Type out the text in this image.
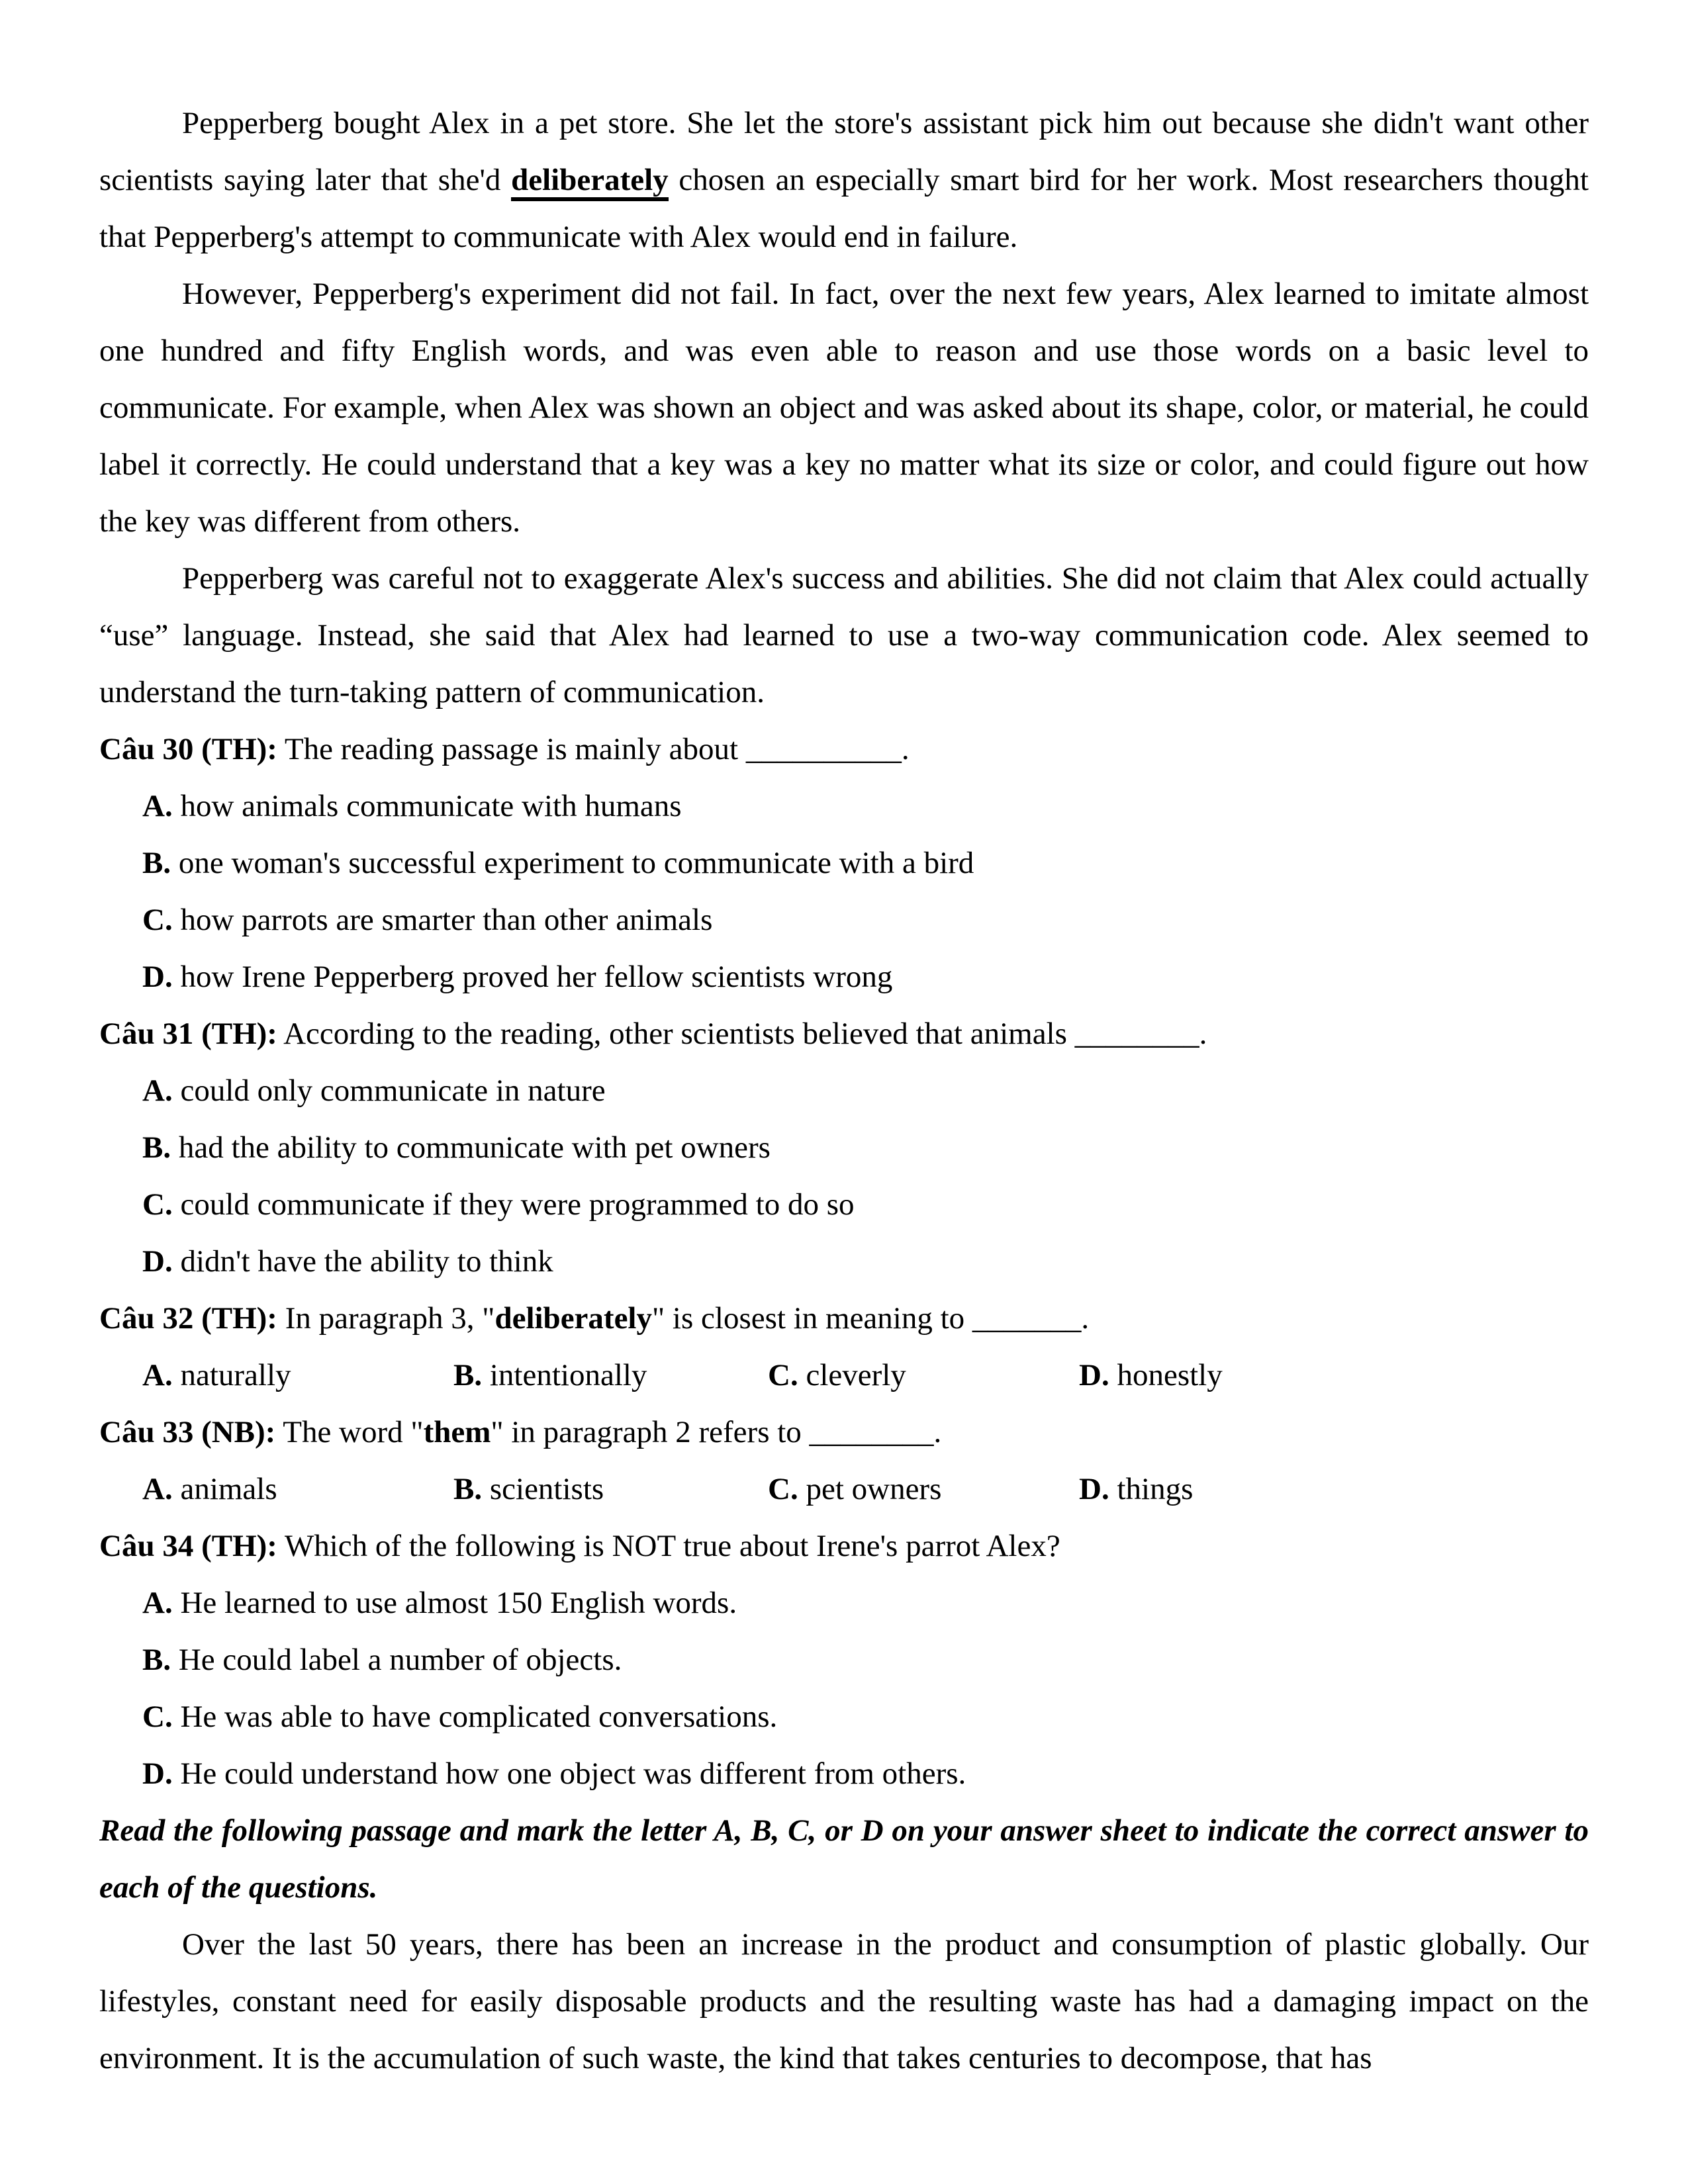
Pepperberg bought Alex in a pet store. She let the store's assistant pick him out because she didn't want other scientists saying later that she'd deliberately chosen an especially smart bird for her work. Most researchers thought that Pepperberg's attempt to communicate with Alex would end in failure.

However, Pepperberg's experiment did not fail. In fact, over the next few years, Alex learned to imitate almost one hundred and fifty English words, and was even able to reason and use those words on a basic level to communicate. For example, when Alex was shown an object and was asked about its shape, color, or material, he could label it correctly. He could understand that a key was a key no matter what its size or color, and could figure out how the key was different from others.

Pepperberg was careful not to exaggerate Alex's success and abilities. She did not claim that Alex could actually “use” language. Instead, she said that Alex had learned to use a two-way communication code. Alex seemed to understand the turn-taking pattern of communication.

Câu 30 (TH): The reading passage is mainly about __________.

A. how animals communicate with humans

B. one woman's successful experiment to communicate with a bird

C. how parrots are smarter than other animals

D. how Irene Pepperberg proved her fellow scientists wrong

Câu 31 (TH): According to the reading, other scientists believed that animals ________.

A. could only communicate in nature

B. had the ability to communicate with pet owners

C. could communicate if they were programmed to do so

D. didn't have the ability to think

Câu 32 (TH): In paragraph 3, "deliberately" is closest in meaning to _______.

A. naturally	B. intentionally	C. cleverly	D. honestly

Câu 33 (NB): The word "them" in paragraph 2 refers to ________.

A. animals	B. scientists	C. pet owners	D. things

Câu 34 (TH): Which of the following is NOT true about Irene's parrot Alex?

A. He learned to use almost 150 English words.

B. He could label a number of objects.

C. He was able to have complicated conversations.

D. He could understand how one object was different from others.

Read the following passage and mark the letter A, B, C, or D on your answer sheet to indicate the correct answer to each of the questions.

Over the last 50 years, there has been an increase in the product and consumption of plastic globally. Our lifestyles, constant need for easily disposable products and the resulting waste has had a damaging impact on the environment. It is the accumulation of such waste, the kind that takes centuries to decompose, that has
